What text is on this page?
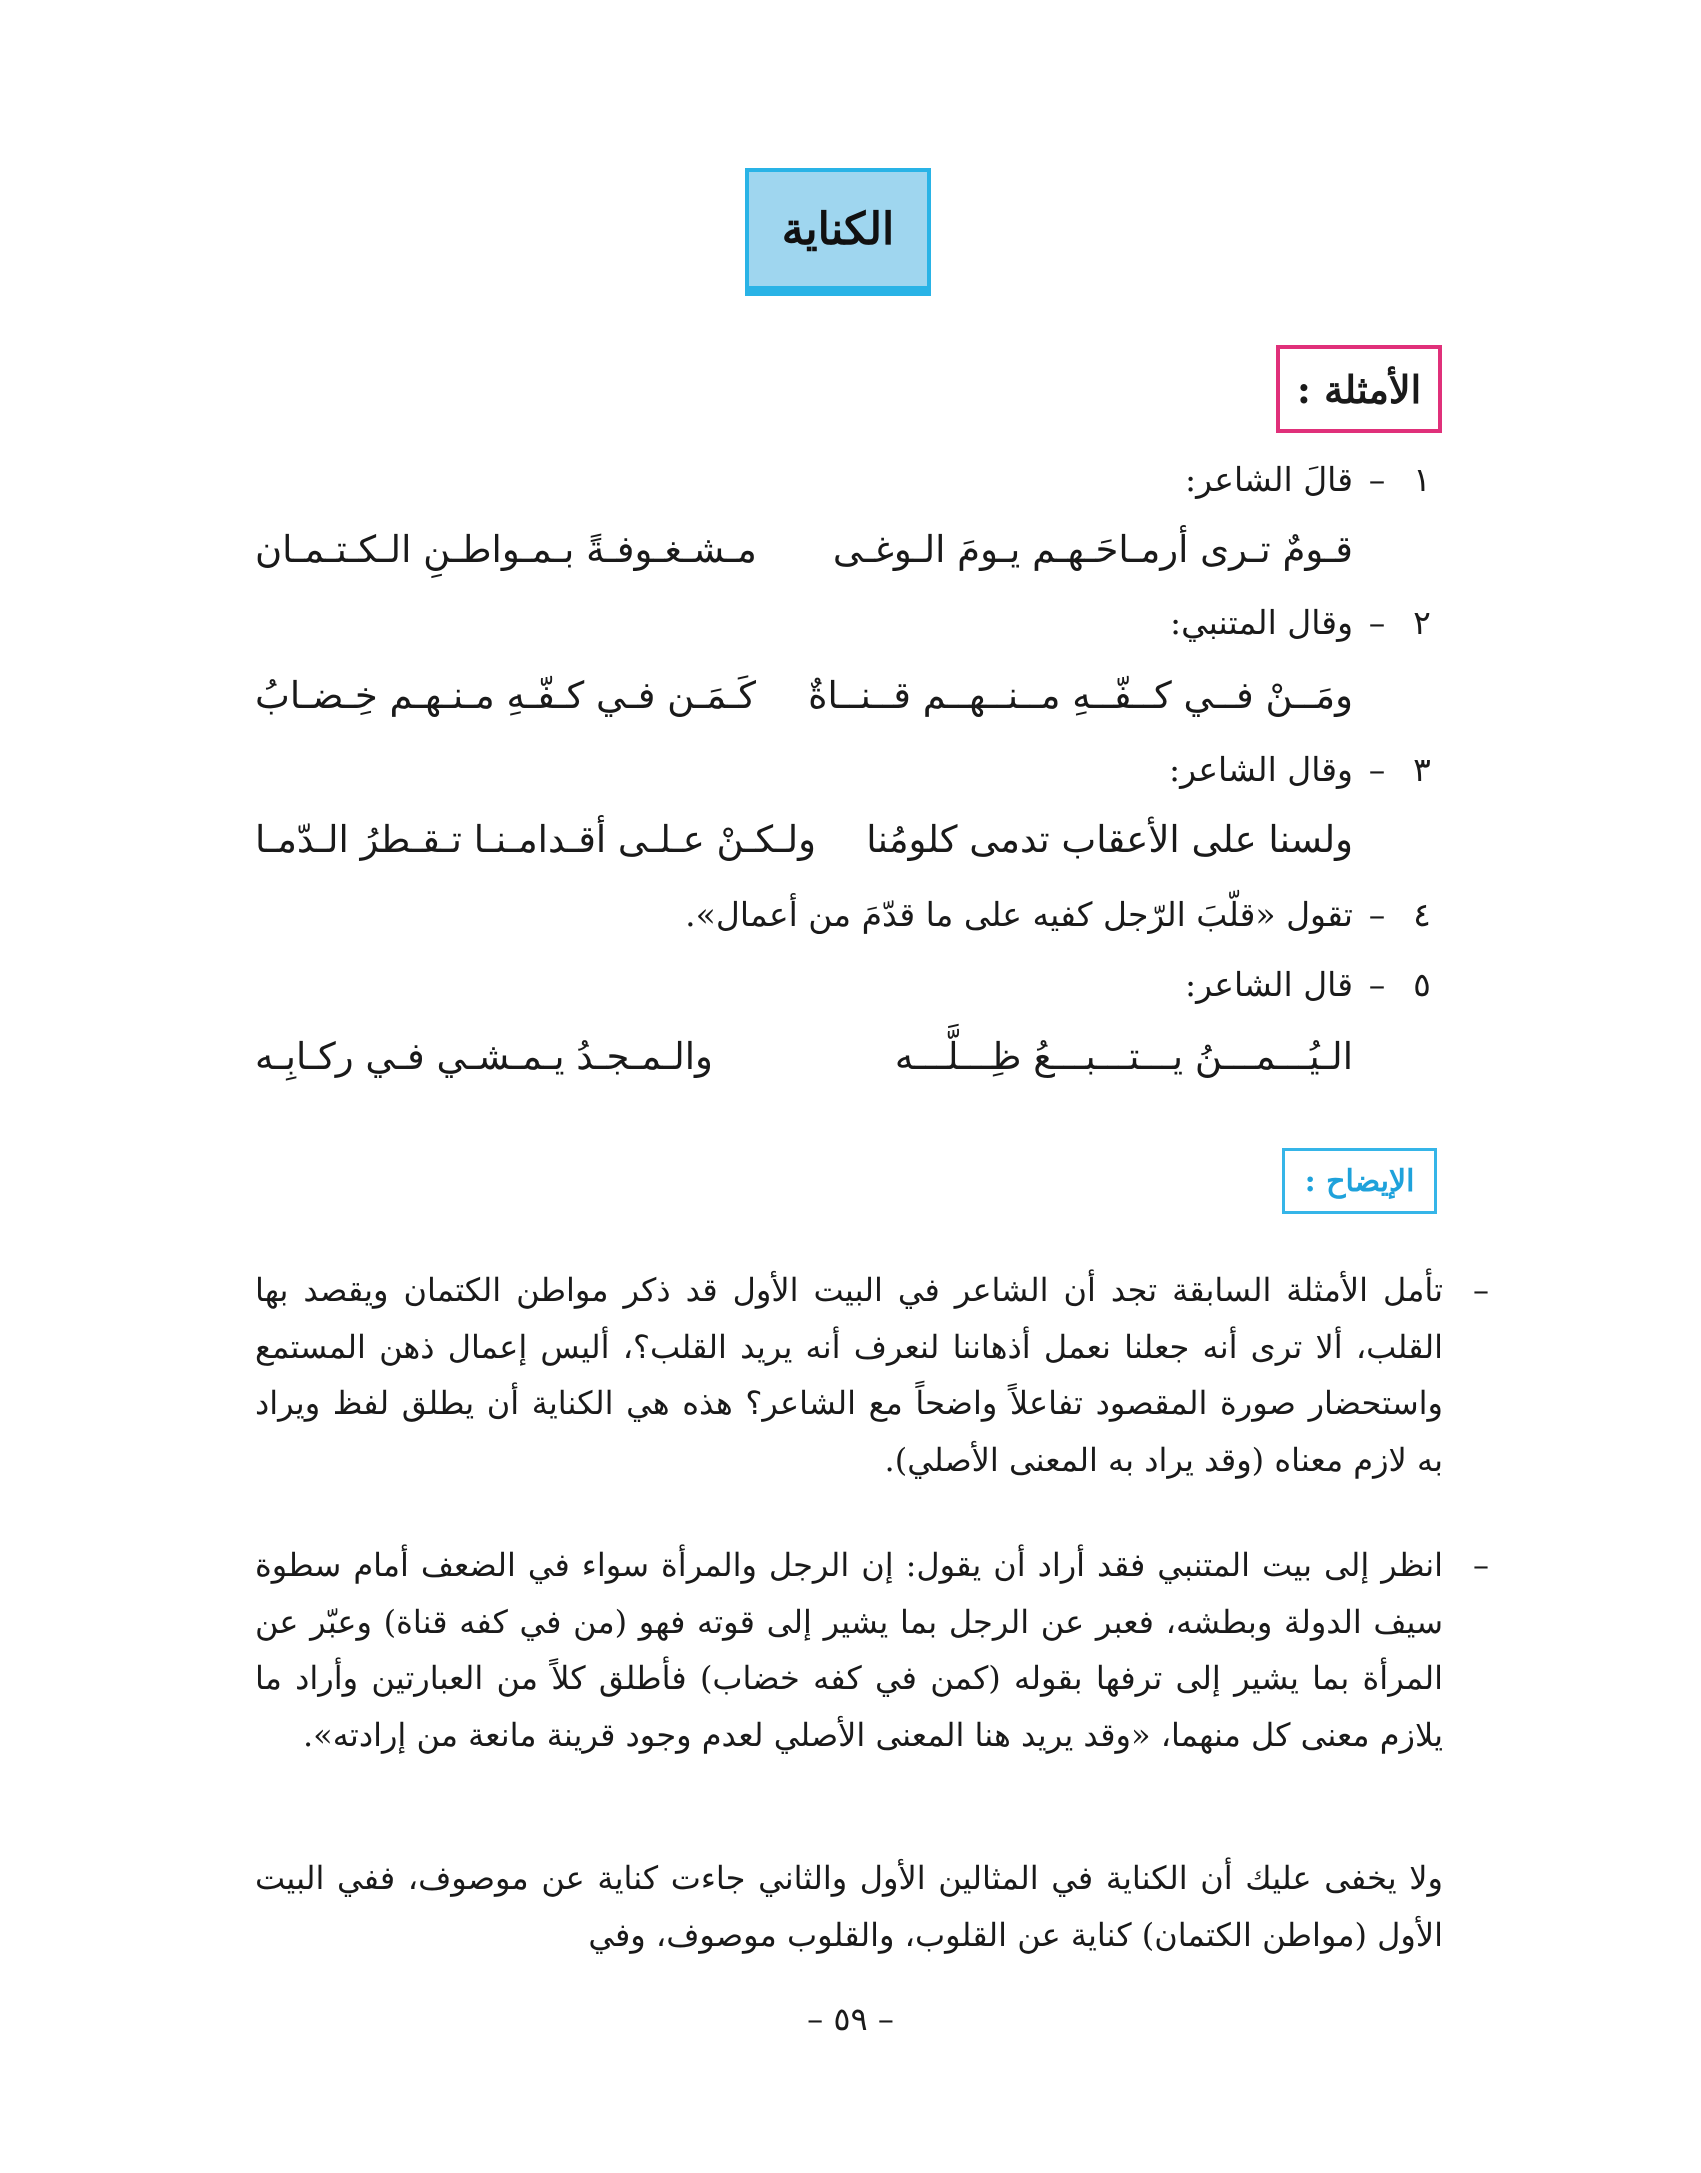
الكناية
الأمثلة :
١–قالَ الشاعر:
قـومٌ تـرى أرمـاحَـهـم يـومَ الـوغـى
مـشـغـوفـةً بـمـواطـنِ الـكـتـمـان
٢–وقال المتنبي:
ومَــنْ فــي كــفّــهِ مــنــهــم قــنــاةٌ
كَـمَـن فـي كـفّـهِ مـنـهـم خِـضـابُ
٣–وقال الشاعر:
ولسنا على الأعقاب تدمى كلومُنا
ولـكـنْ عـلـى أقـدامـنـا تـقـطرُ الـدّمـا
٤–تقول «قلّبَ الرّجل كفيه على ما قدّمَ من أعمال».
٥–قال الشاعر:
الـيُـــمـــنُ يـــتـــبـــعُ ظِـــلَّـــه
والـمـجـدُ يـمـشـي فـي ركـابِـه
الإيضاح :
–
تأمل الأمثلة السابقة تجد أن الشاعر في البيت الأول قد ذكر مواطن الكتمان ويقصد بها القلب، ألا ترى أنه جعلنا نعمل أذهاننا لنعرف أنه يريد القلب؟، أليس إعمال ذهن المستمع واستحضار صورة المقصود تفاعلاً واضحاً مع الشاعر؟ هذه هي الكناية أن يطلق لفظ ويراد به لازم معناه (وقد يراد به المعنى الأصلي).
–
انظر إلى بيت المتنبي فقد أراد أن يقول: إن الرجل والمرأة سواء في الضعف أمام سطوة سيف الدولة وبطشه، فعبر عن الرجل بما يشير إلى قوته فهو (من في كفه قناة) وعبّر عن المرأة بما يشير إلى ترفها بقوله (كمن في كفه خضاب) فأطلق كلاً من العبارتين وأراد ما يلازم معنى كل منهما، «وقد يريد هنا المعنى الأصلي لعدم وجود قرينة مانعة من إرادته».
ولا يخفى عليك أن الكناية في المثالين الأول والثاني جاءت كناية عن موصوف، ففي البيت الأول (مواطن الكتمان) كناية عن القلوب، والقلوب موصوف، وفي
– ٥٩ –
